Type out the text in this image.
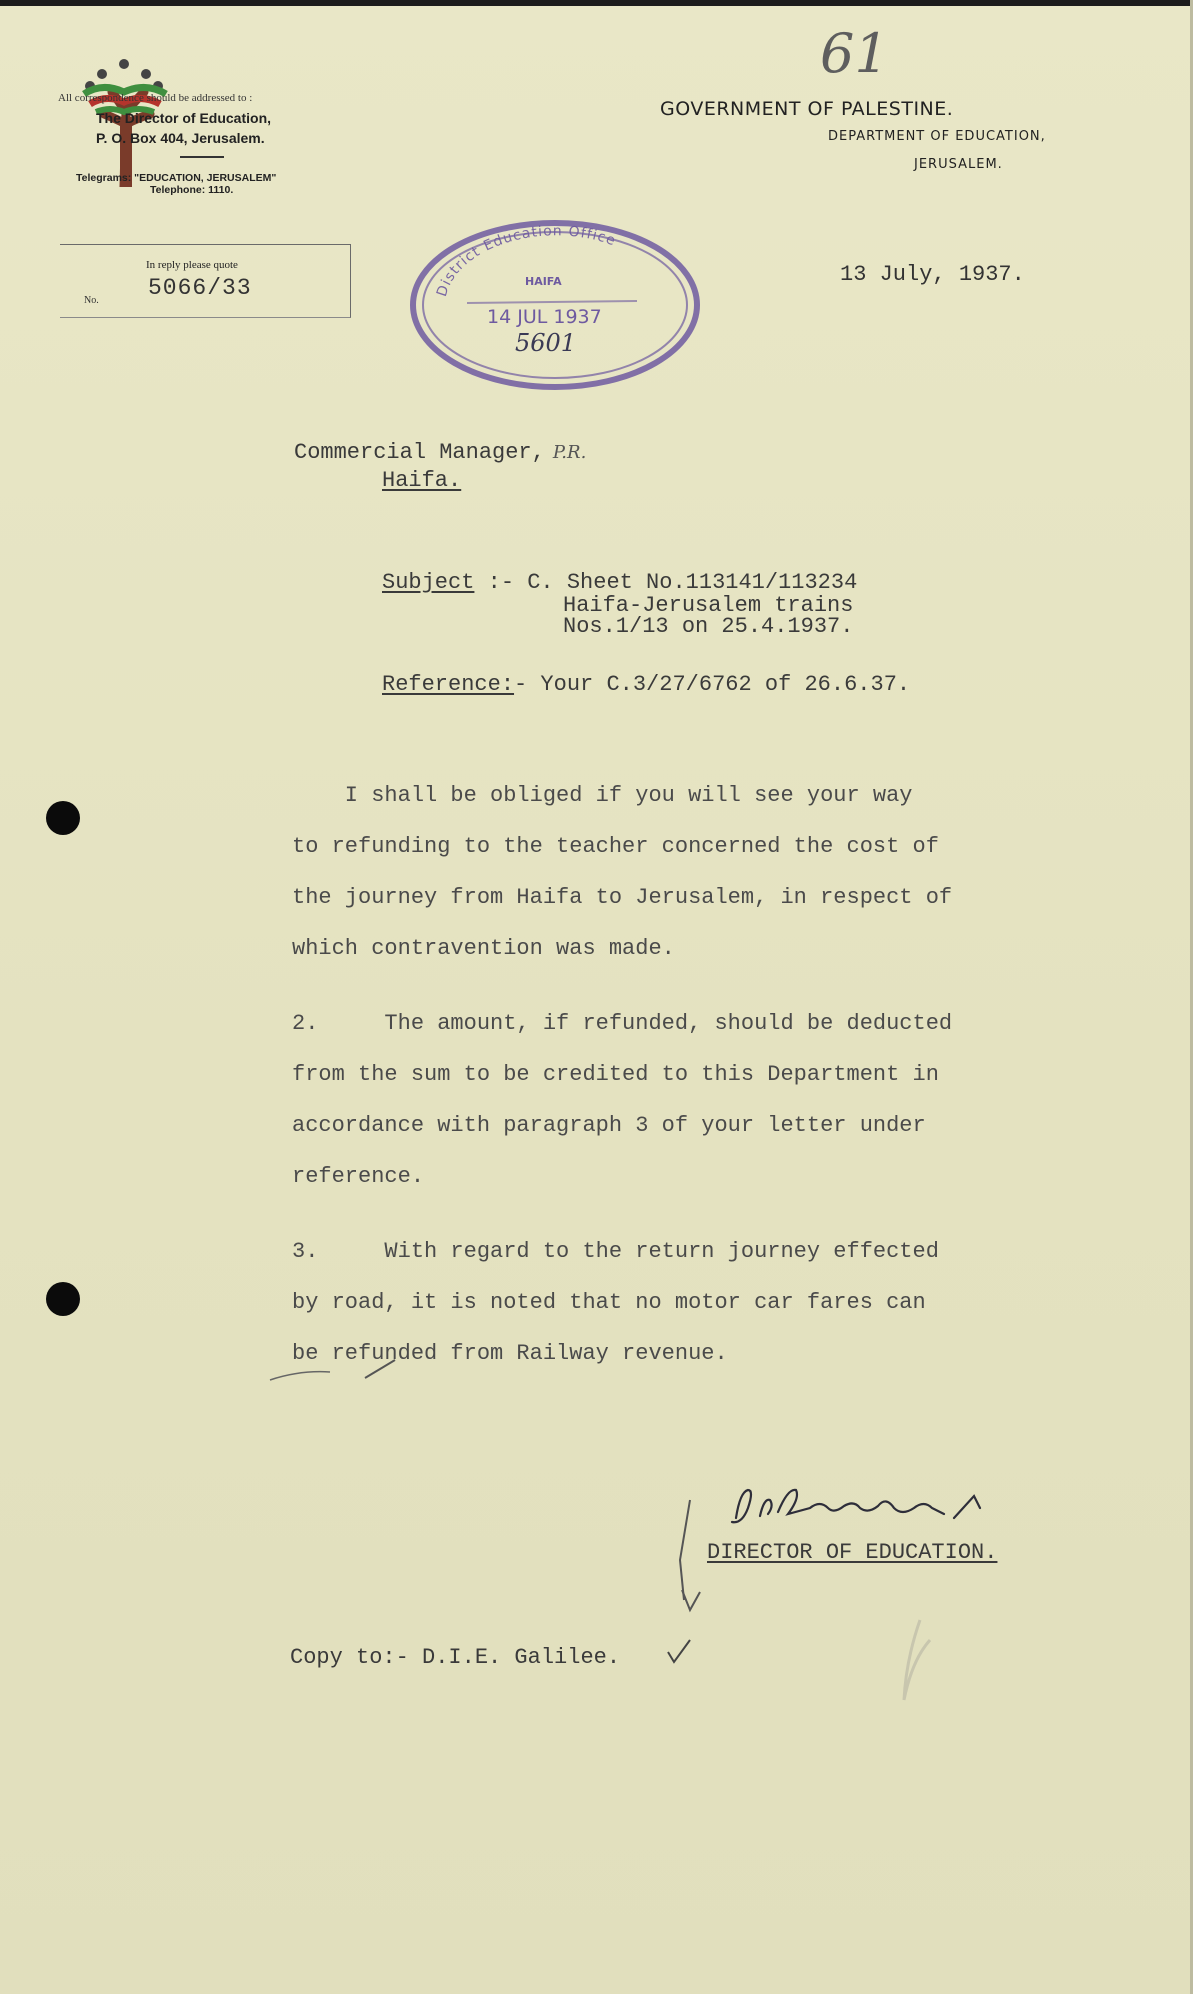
61
All correspondence should be addressed to :
The Director of Education,
P. O. Box 404, Jerusalem.
Telegrams: "EDUCATION, JERUSALEM"
Telephone: 1110.
In reply please quote
No. 5066/33
GOVERNMENT OF PALESTINE.
DEPARTMENT OF EDUCATION,
JERUSALEM.
District Education Office
HAIFA
14 JUL 1937
5601
13 July, 1937.
Commercial Manager, P.R.
Haifa.
Subject :- C. Sheet No.113141/113234
Haifa-Jerusalem trains
Nos.1/13 on 25.4.1937.
Reference:- Your C.3/27/6762 of 26.6.37.
I shall be obliged if you will see your way
to refunding to the teacher concerned the cost of
the journey from Haifa to Jerusalem, in respect of
which contravention was made.
2.     The amount, if refunded, should be deducted
from the sum to be credited to this Department in
accordance with paragraph 3 of your letter under
reference.
3.     With regard to the return journey effected
by road, it is noted that no motor car fares can
be refunded from Railway revenue.
DIRECTOR OF EDUCATION.
Copy to:- D.I.E. Galilee.
